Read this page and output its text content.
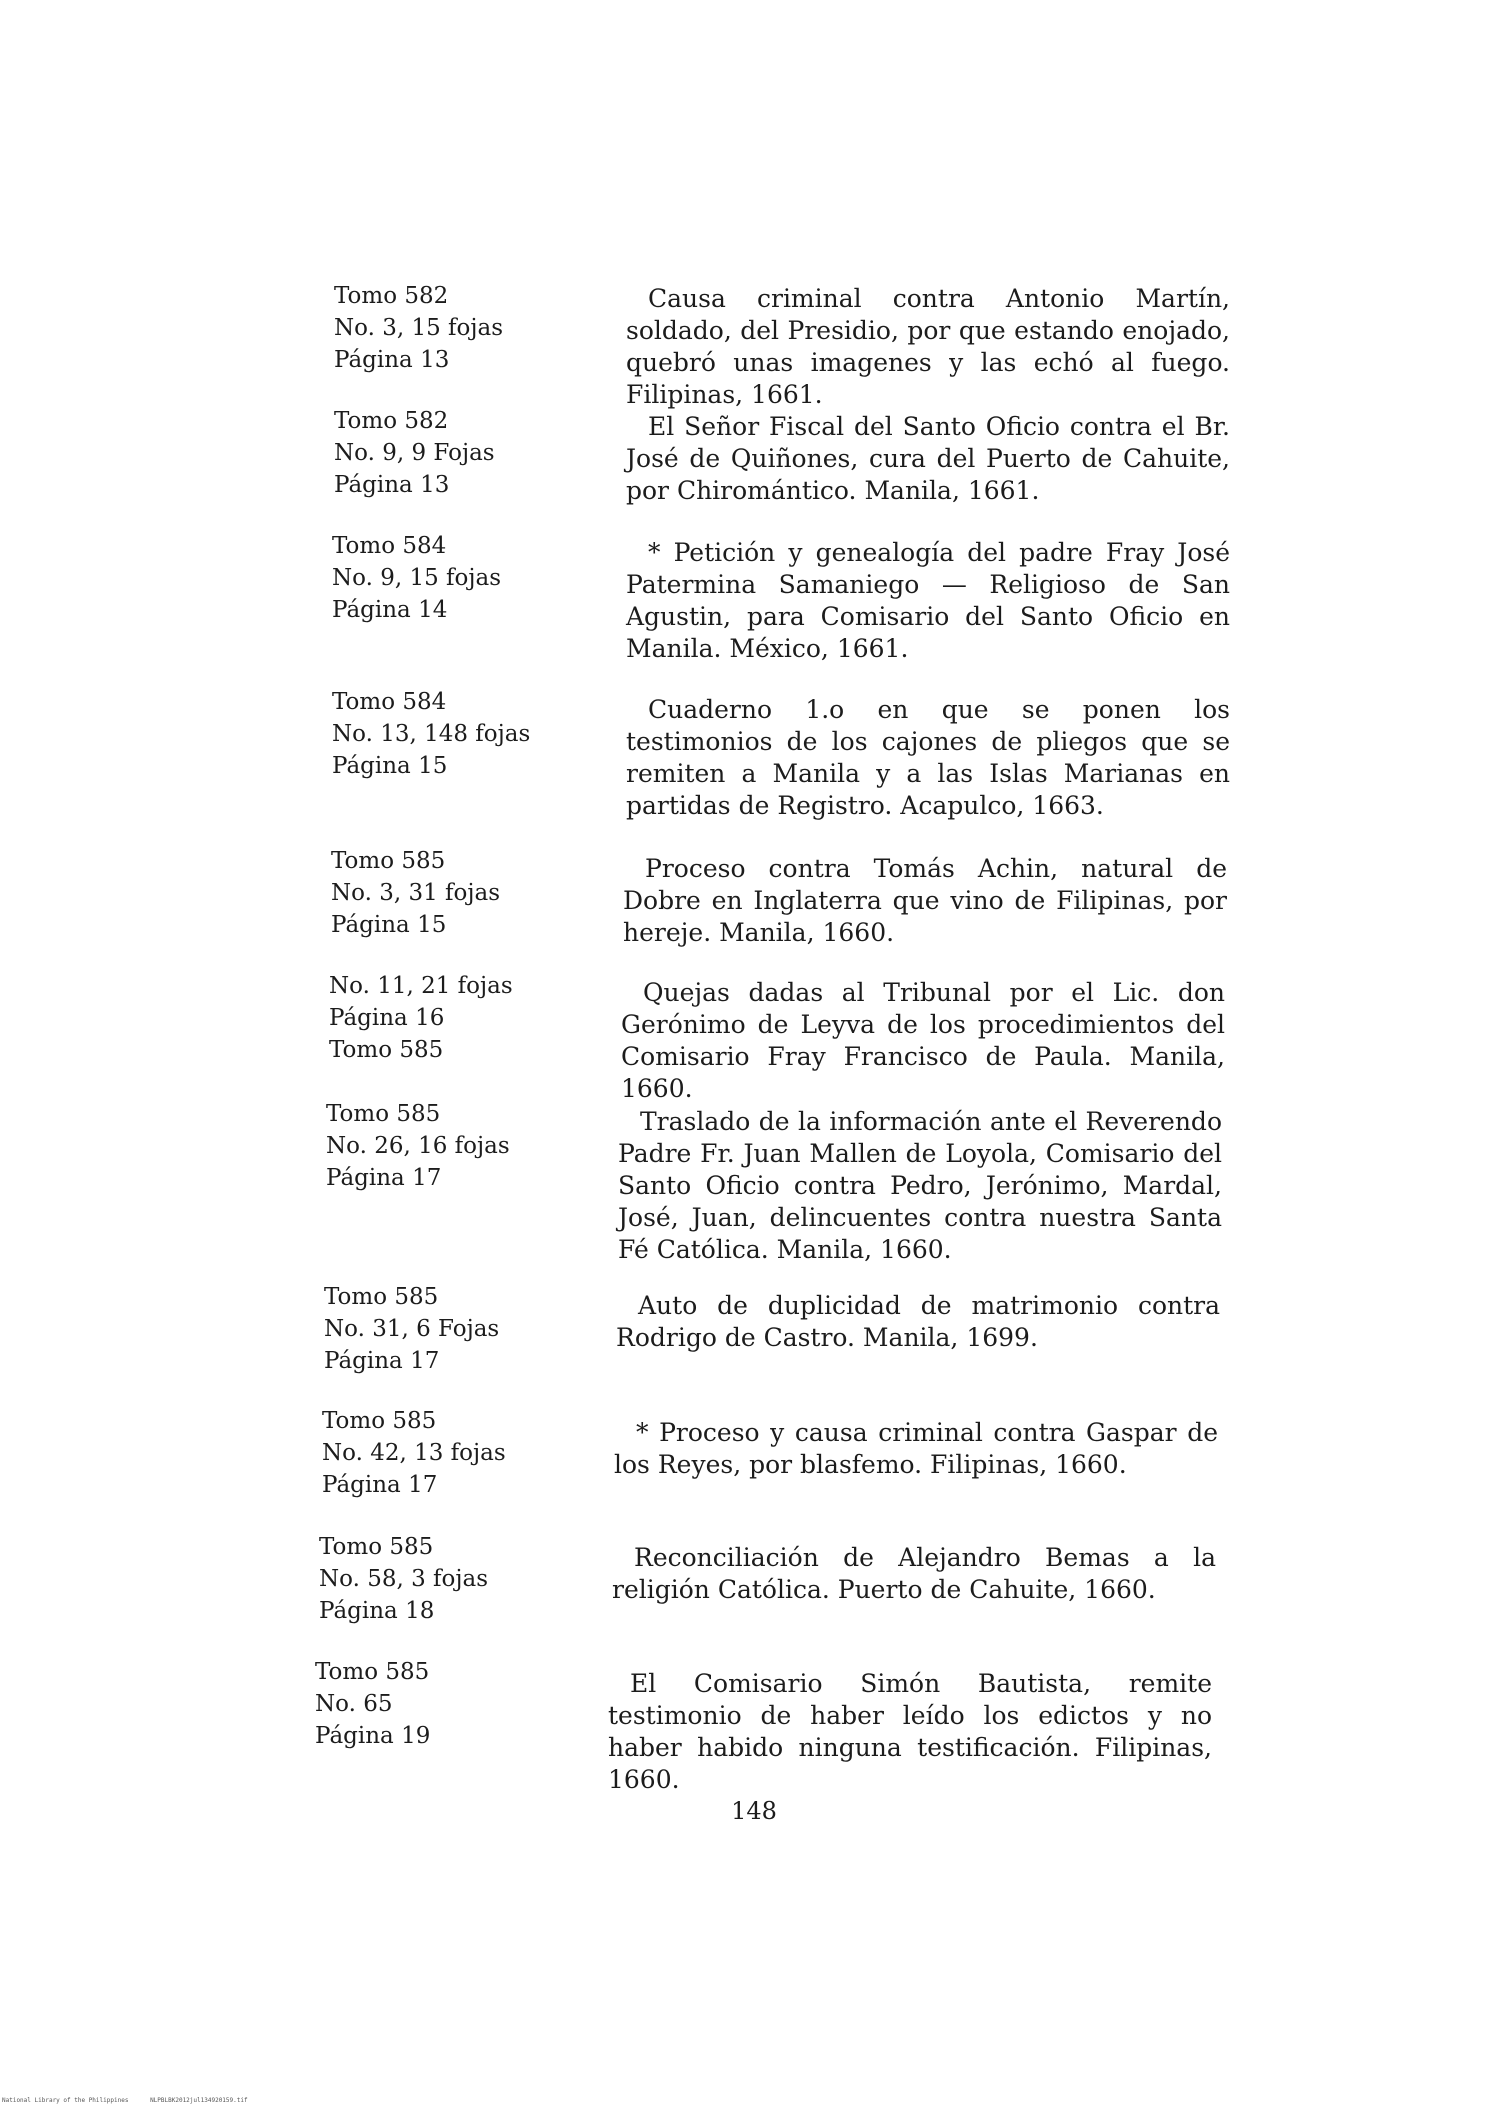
Tomo 582
No. 3, 15 fojas
Página 13
Causa criminal contra Antonio Martín, soldado, del Presidio, por que estando enojado, quebró unas imagenes y las echó al fuego. Filipinas, 1661.
Tomo 582
No. 9, 9 Fojas
Página 13
El Señor Fiscal del Santo Oficio contra el Br. José de Quiñones, cura del Puerto de Cahuite, por Chiromántico. Manila, 1661.
Tomo 584
No. 9, 15 fojas
Página 14
* Petición y genealogía del padre Fray José Patermina Samaniego — Religioso de San Agustin, para Comisario del Santo Oficio en Manila. México, 1661.
Tomo 584
No. 13, 148 fojas
Página 15
Cuaderno 1.o en que se ponen los testimonios de los cajones de pliegos que se remiten a Manila y a las Islas Marianas en partidas de Registro. Acapulco, 1663.
Tomo 585
No. 3, 31 fojas
Página 15
Proceso contra Tomás Achin, natural de Dobre en Inglaterra que vino de Filipinas, por hereje. Manila, 1660.
No. 11, 21 fojas
Página 16
Tomo 585
Quejas dadas al Tribunal por el Lic. don Gerónimo de Leyva de los procedimientos del Comisario Fray Francisco de Paula. Manila, 1660.
Tomo 585
No. 26, 16 fojas
Página 17
Traslado de la información ante el Reverendo Padre Fr. Juan Mallen de Loyola, Comisario del Santo Oficio contra Pedro, Jerónimo, Mardal, José, Juan, delincuentes contra nuestra Santa Fé Católica. Manila, 1660.
Tomo 585
No. 31, 6 Fojas
Página 17
Auto de duplicidad de matrimonio contra Rodrigo de Castro. Manila, 1699.
Tomo 585
No. 42, 13 fojas
Página 17
* Proceso y causa criminal contra Gaspar de los Reyes, por blasfemo. Filipinas, 1660.
Tomo 585
No. 58, 3 fojas
Página 18
Reconciliación de Alejandro Bemas a la religión Católica. Puerto de Cahuite, 1660.
Tomo 585
No. 65
Página 19
El Comisario Simón Bautista, remite testimonio de haber leído los edictos y no haber habido ninguna testificación. Filipinas, 1660.
148
National Library of the Philippines	NLPBLBK2012jul134920159.tif
